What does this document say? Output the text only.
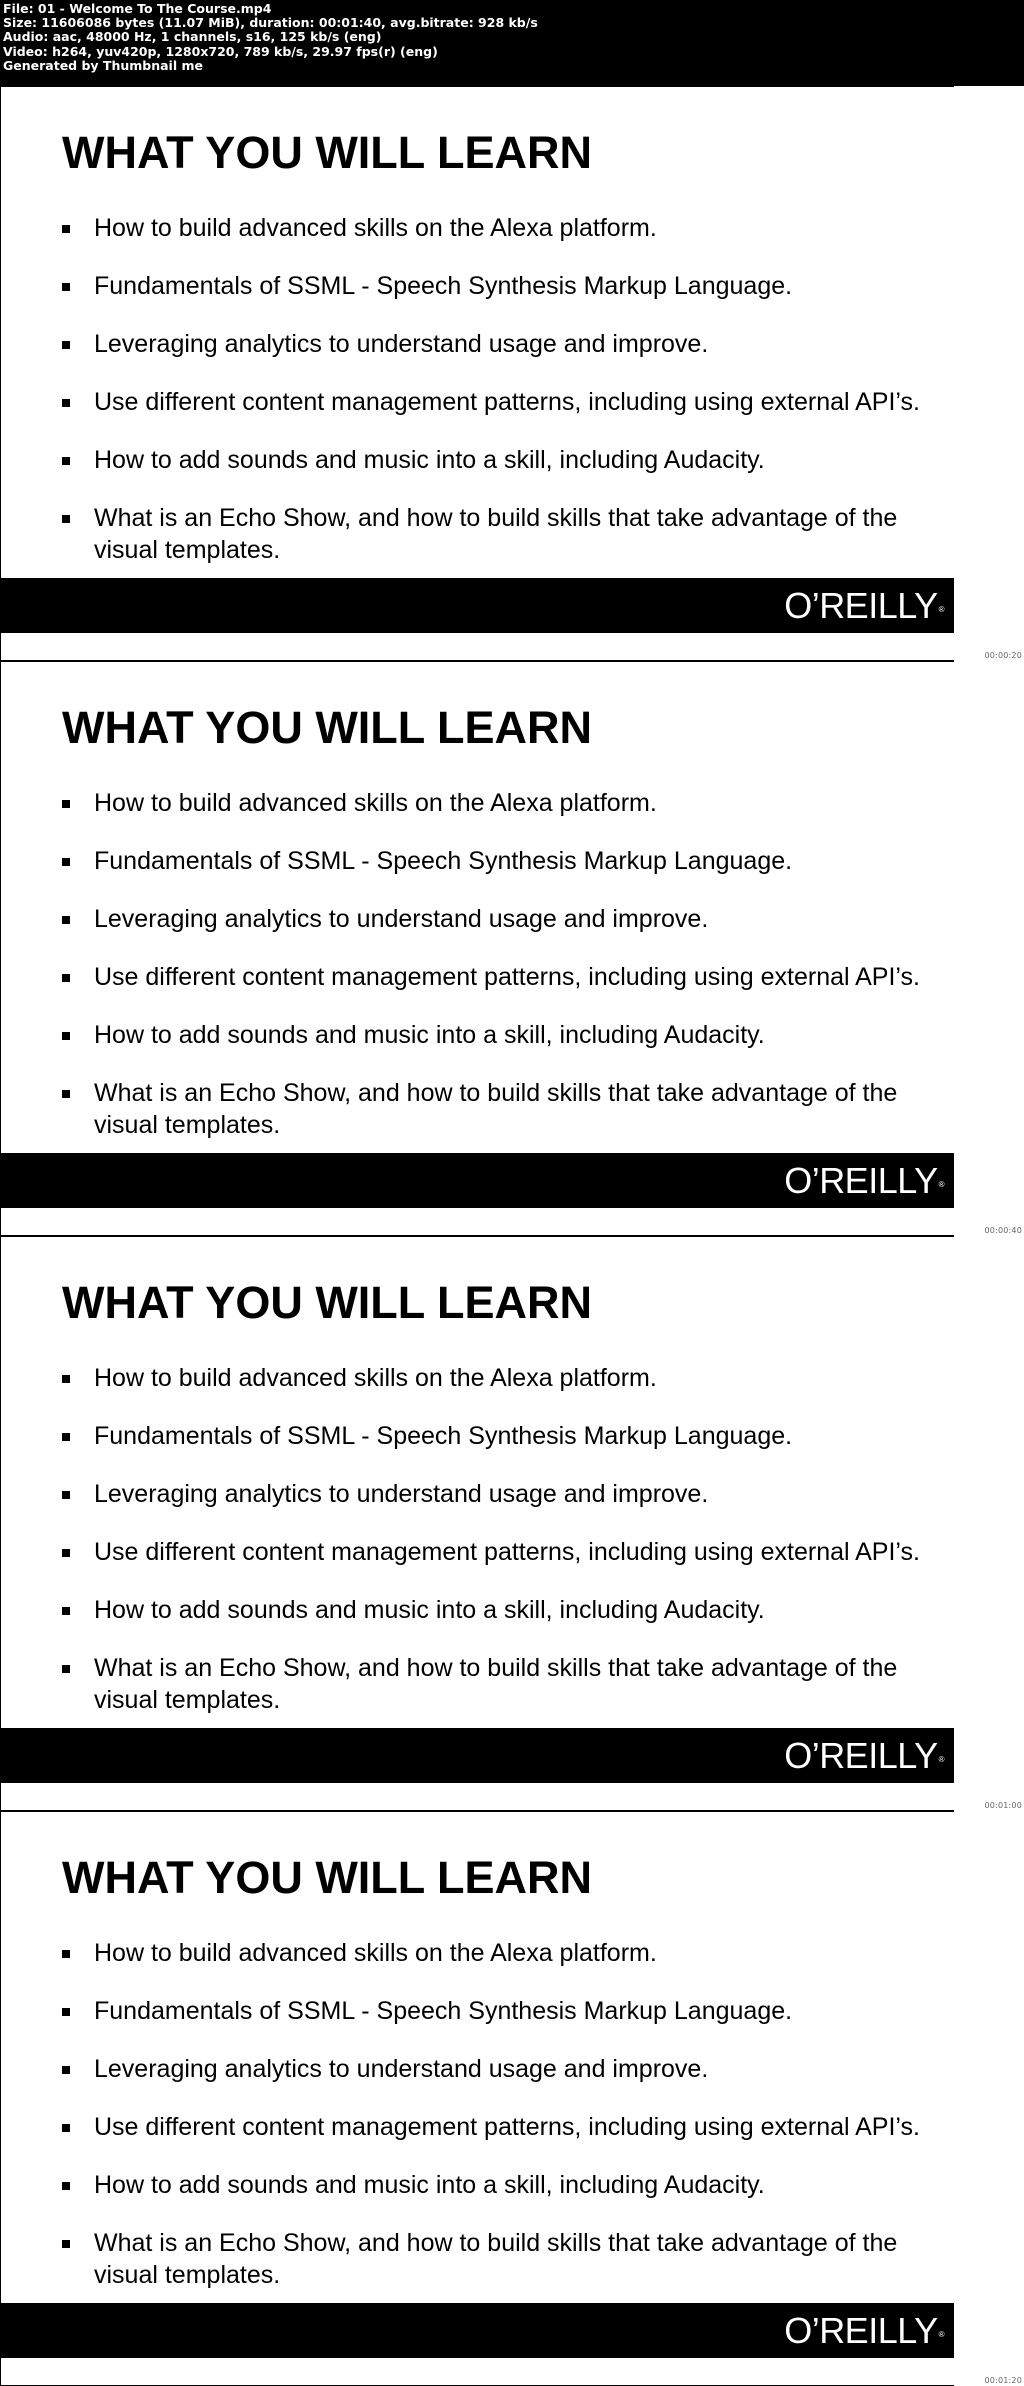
File: 01 - Welcome To The Course.mp4
Size: 11606086 bytes (11.07 MiB), duration: 00:01:40, avg.bitrate: 928 kb/s
Audio: aac, 48000 Hz, 1 channels, s16, 125 kb/s (eng)
Video: h264, yuv420p, 1280x720, 789 kb/s, 29.97 fps(r) (eng)
Generated by Thumbnail me
WHAT YOU WILL LEARN
How to build advanced skills on the Alexa platform.
Fundamentals of SSML - Speech Synthesis Markup Language.
Leveraging analytics to understand usage and improve.
Use different content management patterns, including using external API’s.
How to add sounds and music into a skill, including Audacity.
What is an Echo Show, and how to build skills that take advantage of the visual templates.
O’REILLY®
00:00:20
WHAT YOU WILL LEARN
How to build advanced skills on the Alexa platform.
Fundamentals of SSML - Speech Synthesis Markup Language.
Leveraging analytics to understand usage and improve.
Use different content management patterns, including using external API’s.
How to add sounds and music into a skill, including Audacity.
What is an Echo Show, and how to build skills that take advantage of the visual templates.
O’REILLY®
00:00:40
WHAT YOU WILL LEARN
How to build advanced skills on the Alexa platform.
Fundamentals of SSML - Speech Synthesis Markup Language.
Leveraging analytics to understand usage and improve.
Use different content management patterns, including using external API’s.
How to add sounds and music into a skill, including Audacity.
What is an Echo Show, and how to build skills that take advantage of the visual templates.
O’REILLY®
00:01:00
WHAT YOU WILL LEARN
How to build advanced skills on the Alexa platform.
Fundamentals of SSML - Speech Synthesis Markup Language.
Leveraging analytics to understand usage and improve.
Use different content management patterns, including using external API’s.
How to add sounds and music into a skill, including Audacity.
What is an Echo Show, and how to build skills that take advantage of the visual templates.
O’REILLY®
00:01:20
